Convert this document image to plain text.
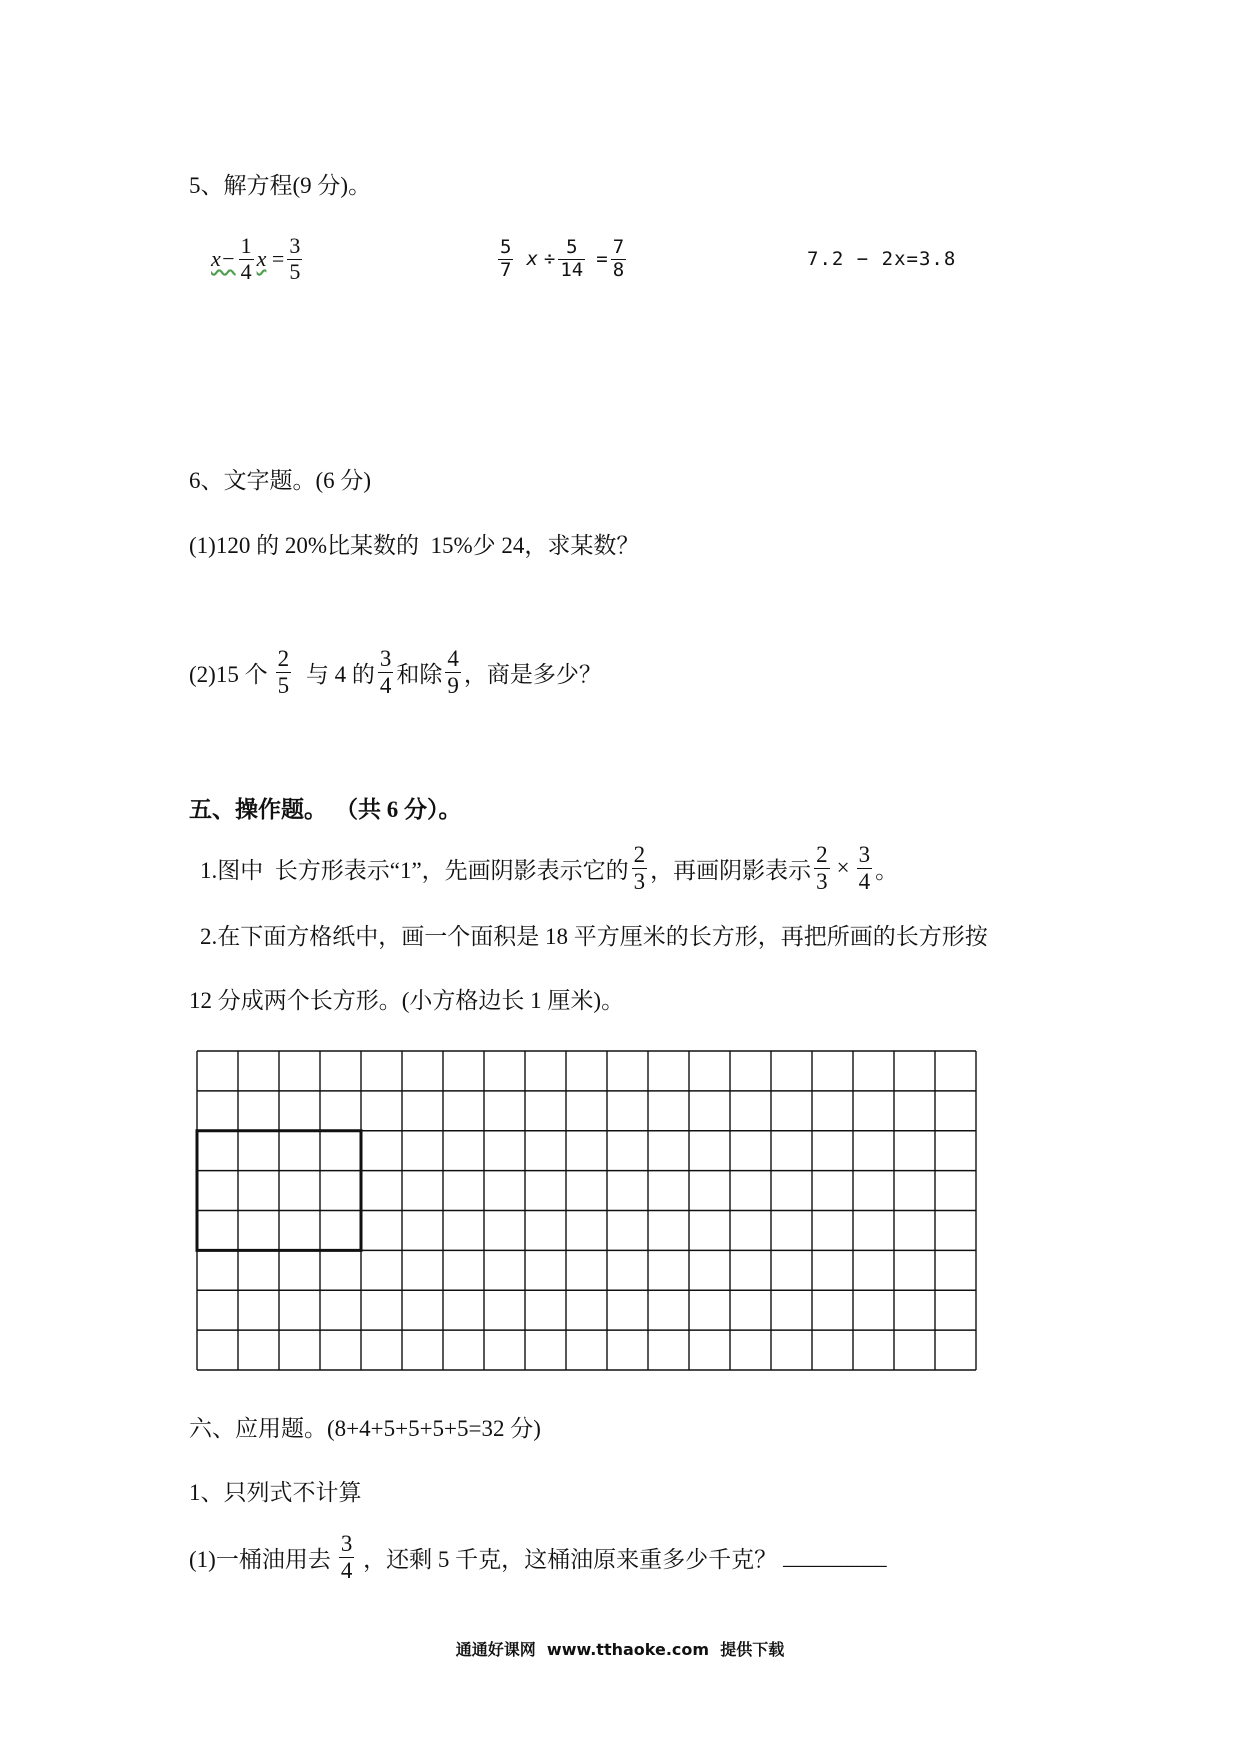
5、解方程(9 分)。
$x- \frac{1}{4}$ $x = \frac{3}{5}$	$\frac{5}{7}$ $x \div \frac{5}{14} = \frac{7}{8}$	7.2 − 2x=3.8
6、文字题。(6 分)
(1)120 的 20%比某数的  15%少 24，求某数？
(2)15 个 $\frac{2}{5}$ 与 4 的 $\frac{3}{4}$ 和除 $\frac{4}{9}$ ，商是多少？
五、操作题。 （共 6 分）。
1.图中  长方形表示“1”，先画阴影表示它的 $\frac{2}{3}$ ，再画阴影表示 $\frac{2}{3} \times \frac{3}{4}$ 。
2.在下面方格纸中，画一个面积是 18 平方厘米的长方形，再把所画的长方形按
12 分成两个长方形。(小方格边长 1 厘米)。
六、应用题。(8+4+5+5+5+5=32 分)
1、只列式不计算
(1)一桶油用去 $\frac{3}{4}$ ，还剩 5 千克，这桶油原来重多少千克？ _________
通通好课网  www.tthaoke.com  提供下载
